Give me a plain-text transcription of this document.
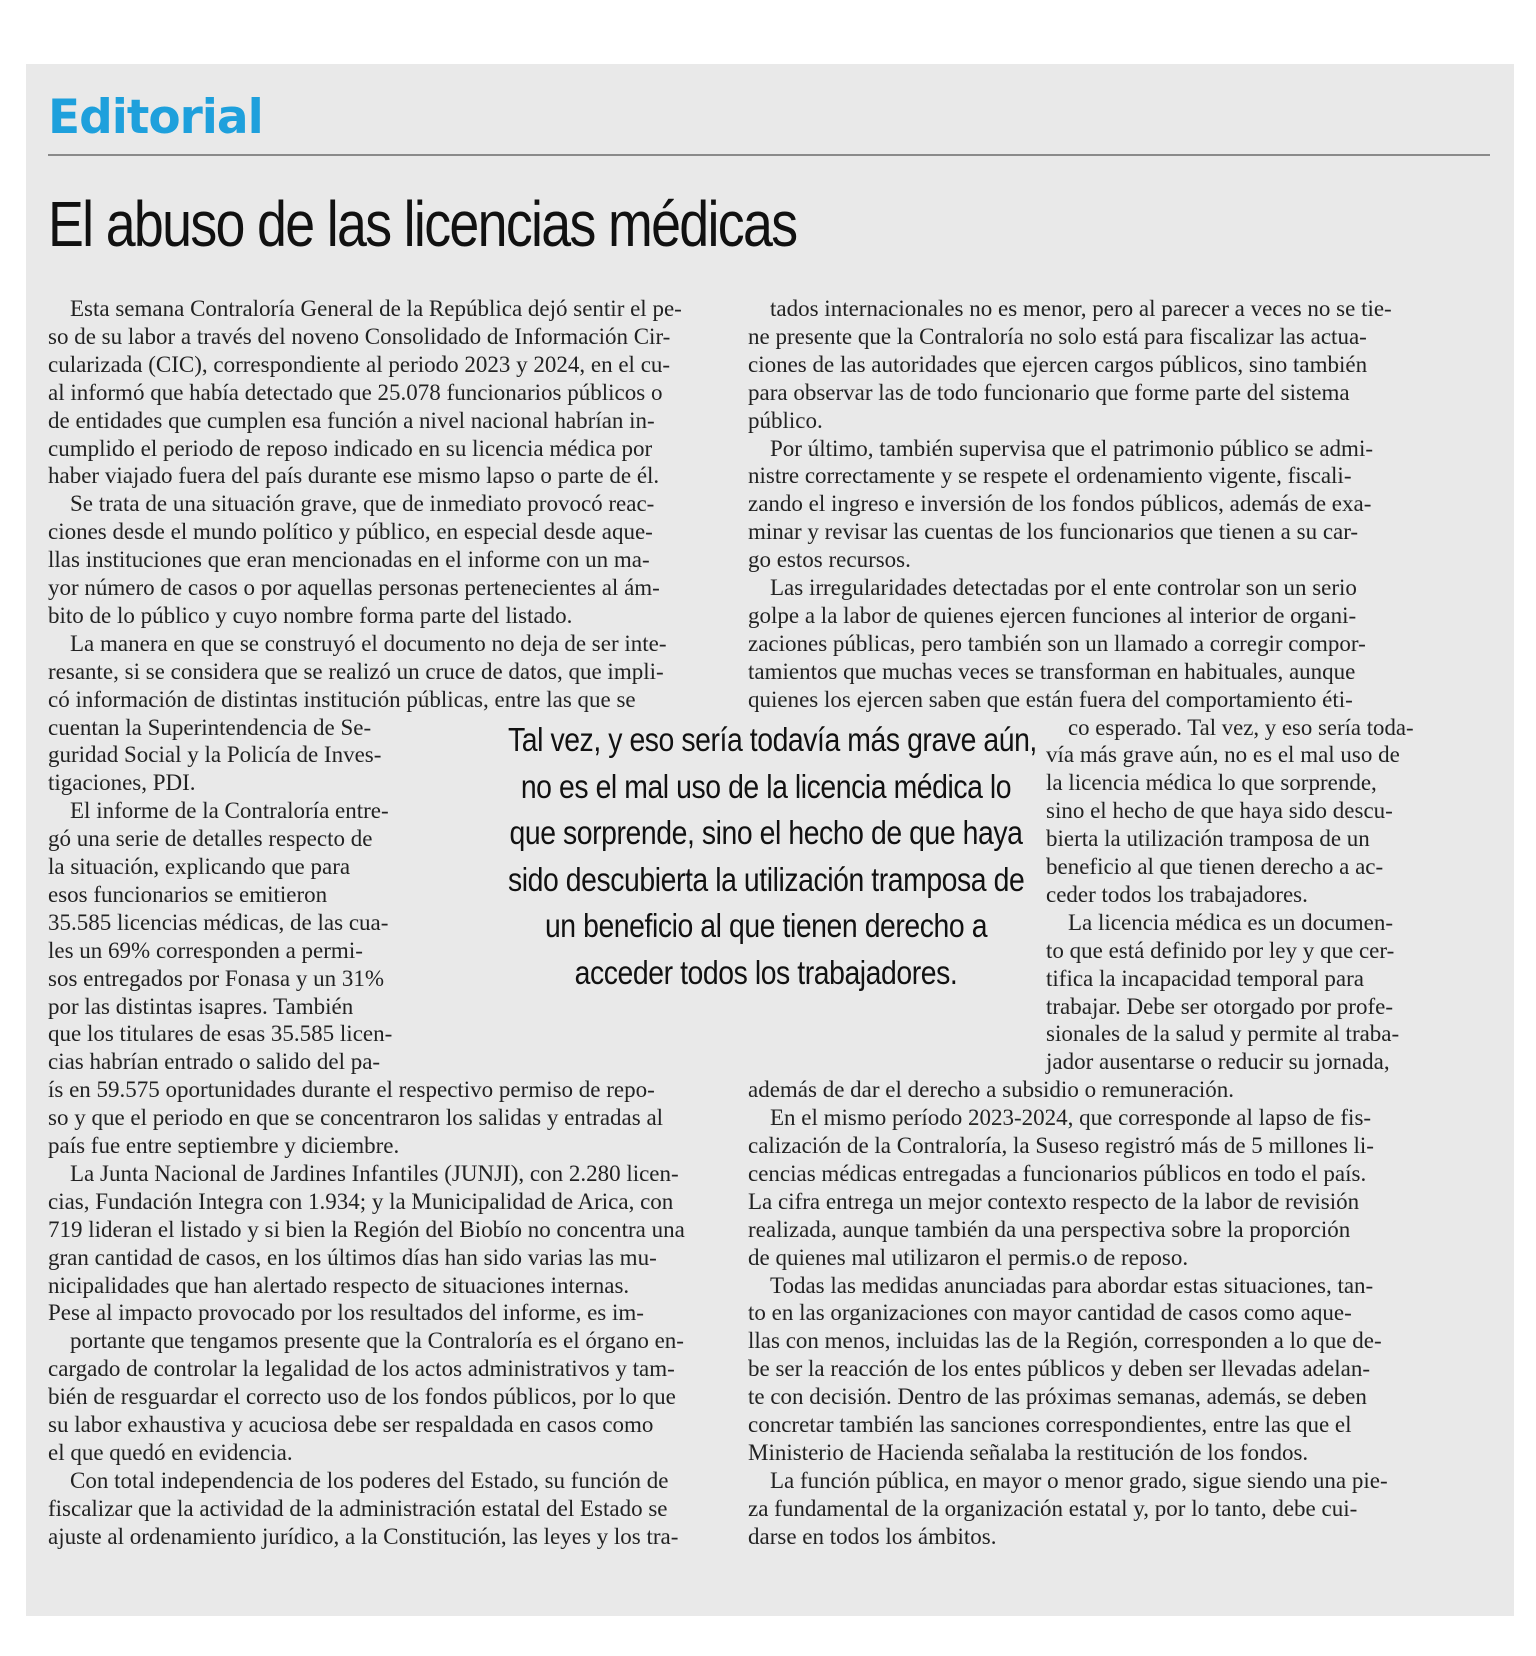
Editorial
El abuso de las licencias médicas
Esta semana Contraloría General de la República dejó sentir el pe-
so de su labor a través del noveno Consolidado de Información Cir-
cularizada (CIC), correspondiente al periodo 2023 y 2024, en el cu-
al informó que había detectado que 25.078 funcionarios públicos o
de entidades que cumplen esa función a nivel nacional habrían in-
cumplido el periodo de reposo indicado en su licencia médica por
haber viajado fuera del país durante ese mismo lapso o parte de él.
Se trata de una situación grave, que de inmediato provocó reac-
ciones desde el mundo político y público, en especial desde aque-
llas instituciones que eran mencionadas en el informe con un ma-
yor número de casos o por aquellas personas pertenecientes al ám-
bito de lo público y cuyo nombre forma parte del listado.
La manera en que se construyó el documento no deja de ser inte-
resante, si se considera que se realizó un cruce de datos, que impli-
có información de distintas institución públicas, entre las que se
cuentan la Superintendencia de Se-
guridad Social y la Policía de Inves-
tigaciones, PDI.
El informe de la Contraloría entre-
gó una serie de detalles respecto de
la situación, explicando que para
esos funcionarios se emitieron
35.585 licencias médicas, de las cua-
les un 69% corresponden a permi-
sos entregados por Fonasa y un 31%
por las distintas isapres. También
que los titulares de esas 35.585 licen-
cias habrían entrado o salido del pa-
ís en 59.575 oportunidades durante el respectivo permiso de repo-
so y que el periodo en que se concentraron los salidas y entradas al
país fue entre septiembre y diciembre.
La Junta Nacional de Jardines Infantiles (JUNJI), con 2.280 licen-
cias, Fundación Integra con 1.934; y la Municipalidad de Arica, con
719 lideran el listado y si bien la Región del Biobío no concentra una
gran cantidad de casos, en los últimos días han sido varias las mu-
nicipalidades que han alertado respecto de situaciones internas.
Pese al impacto provocado por los resultados del informe, es im-
portante que tengamos presente que la Contraloría es el órgano en-
cargado de controlar la legalidad de los actos administrativos y tam-
bién de resguardar el correcto uso de los fondos públicos, por lo que
su labor exhaustiva y acuciosa debe ser respaldada en casos como
el que quedó en evidencia.
Con total independencia de los poderes del Estado, su función de
fiscalizar que la actividad de la administración estatal del Estado se
ajuste al ordenamiento jurídico, a la Constitución, las leyes y los tra-
tados internacionales no es menor, pero al parecer a veces no se tie-
ne presente que la Contraloría no solo está para fiscalizar las actua-
ciones de las autoridades que ejercen cargos públicos, sino también
para observar las de todo funcionario que forme parte del sistema
público.
Por último, también supervisa que el patrimonio público se admi-
nistre correctamente y se respete el ordenamiento vigente, fiscali-
zando el ingreso e inversión de los fondos públicos, además de exa-
minar y revisar las cuentas de los funcionarios que tienen a su car-
go estos recursos.
Las irregularidades detectadas por el ente controlar son un serio
golpe a la labor de quienes ejercen funciones al interior de organi-
zaciones públicas, pero también son un llamado a corregir compor-
tamientos que muchas veces se transforman en habituales, aunque
quienes los ejercen saben que están fuera del comportamiento éti-
co esperado. Tal vez, y eso sería toda-
vía más grave aún, no es el mal uso de
la licencia médica lo que sorprende,
sino el hecho de que haya sido descu-
bierta la utilización tramposa de un
beneficio al que tienen derecho a ac-
ceder todos los trabajadores.
La licencia médica es un documen-
to que está definido por ley y que cer-
tifica la incapacidad temporal para
trabajar. Debe ser otorgado por profe-
sionales de la salud y permite al traba-
jador ausentarse o reducir su jornada,
además de dar el derecho a subsidio o remuneración.
En el mismo período 2023-2024, que corresponde al lapso de fis-
calización de la Contraloría, la Suseso registró más de 5 millones li-
cencias médicas entregadas a funcionarios públicos en todo el país.
La cifra entrega un mejor contexto respecto de la labor de revisión
realizada, aunque también da una perspectiva sobre la proporción
de quienes mal utilizaron el permis.o de reposo.
Todas las medidas anunciadas para abordar estas situaciones, tan-
to en las organizaciones con mayor cantidad de casos como aque-
llas con menos, incluidas las de la Región, corresponden a lo que de-
be ser la reacción de los entes públicos y deben ser llevadas adelan-
te con decisión. Dentro de las próximas semanas, además, se deben
concretar también las sanciones correspondientes, entre las que el
Ministerio de Hacienda señalaba la restitución de los fondos.
La función pública, en mayor o menor grado, sigue siendo una pie-
za fundamental de la organización estatal y, por lo tanto, debe cui-
darse en todos los ámbitos.
Tal vez, y eso sería todavía más grave aún,
no es el mal uso de la licencia médica lo
que sorprende, sino el hecho de que haya
sido descubierta la utilización tramposa de
un beneficio al que tienen derecho a
acceder todos los trabajadores.
